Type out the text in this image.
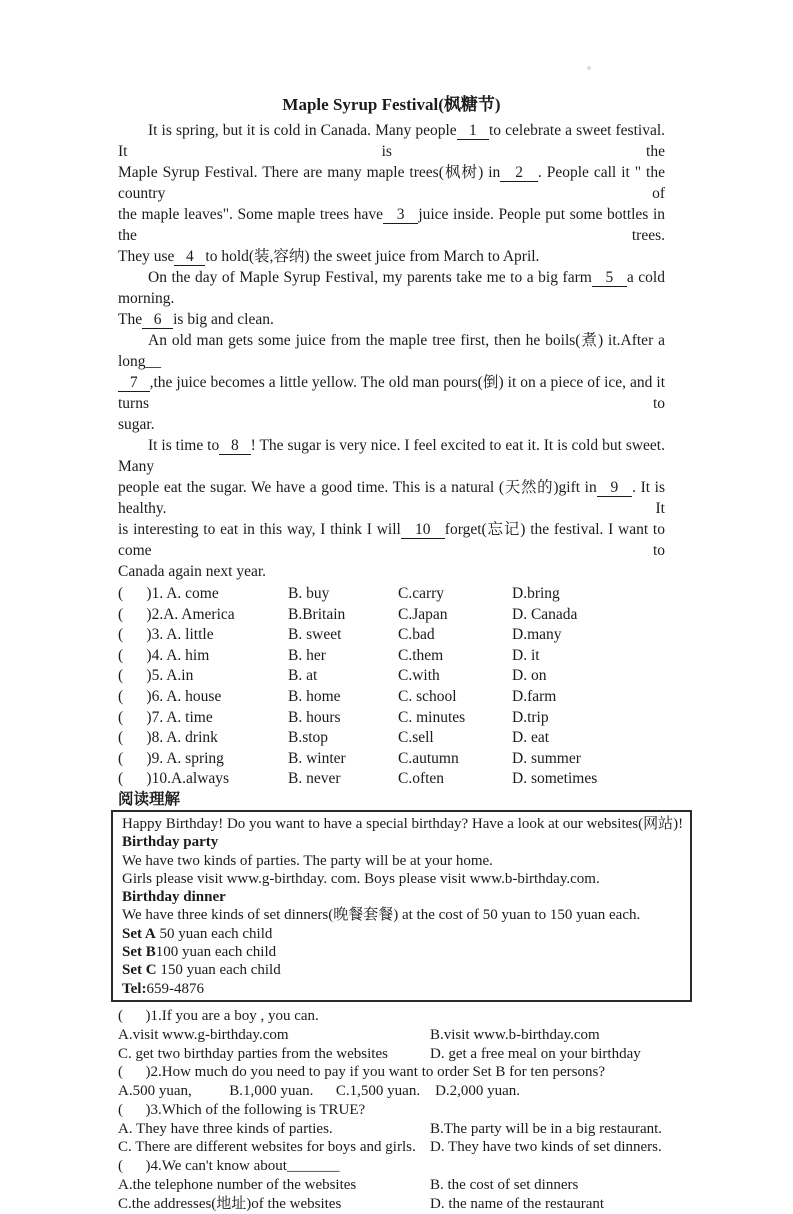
Maple Syrup Festival(枫糖节)
It is spring, but it is cold in Canada. Many people   1   to celebrate a sweet festival. It is the
Maple Syrup Festival. There are many maple trees(枫树) in   2   . People call it " the country of
the maple leaves". Some maple trees have   3   juice inside. People put some bottles in the trees.
They use   4   to hold(装,容纳) the sweet juice from March to April.
On the day of Maple Syrup Festival, my parents take me to a big farm   5   a cold morning.
The   6   is big and clean.
An old man gets some juice from the maple tree first, then he boils(煮) it.After a long__
7   ,the juice becomes a little yellow. The old man pours(倒) it on a piece of ice, and it turns to
sugar.
It is time to   8   ! The sugar is very nice. I feel excited to eat it. It is cold but sweet. Many
people eat the sugar. We have a good time. This is a natural (天然的)gift in   9   . It is healthy. It
is interesting to eat in this way, I think I will   10   forget(忘记) the festival. I want to come to
Canada again next year.
(      )1. A. come	B. buy	C.carry	D.bring
(      )2.A. America	B.Britain	C.Japan	D. Canada
(      )3. A. little	B. sweet	C.bad	D.many
(      )4. A. him	B. her	C.them	D. it
(      )5. A.in	B. at	C.with	D. on
(      )6. A. house	B. home	C. school	D.farm
(      )7. A. time	B. hours	C. minutes	D.trip
(      )8. A. drink	B.stop	C.sell	D. eat
(      )9. A. spring	B. winter	C.autumn	D. summer
(      )10.A.always	B. never	C.often	D. sometimes
阅读理解
Happy Birthday! Do you want to have a special birthday? Have a look at our websites(网站)!
Birthday party
We have two kinds of parties. The party will be at your home.
Girls please visit www.g-birthday. com. Boys please visit www.b-birthday.com.
Birthday dinner
We have three kinds of set dinners(晚餐套餐) at the cost of 50 yuan to 150 yuan each.
Set A 50 yuan each child
Set B100 yuan each child
Set C 150 yuan each child
Tel:659-4876
(      )1.If you are a boy , you can.
A.visit www.g-birthday.com	B.visit www.b-birthday.com
C. get two birthday parties from the websites	D. get a free meal on your birthday
(      )2.How much do you need to pay if you want to order Set B for ten persons?
A.500 yuan,          B.1,000 yuan.      C.1,500 yuan.    D.2,000 yuan.
(      )3.Which of the following is TRUE?
A. They have three kinds of parties.	B.The party will be in a big restaurant.
C. There are different websites for boys and girls. D. They have two kinds of set dinners.
(      )4.We can't know about_______
A.the telephone number of the websites	B. the cost of set dinners
C.the addresses(地址)of the websites	D. the name of the restaurant
